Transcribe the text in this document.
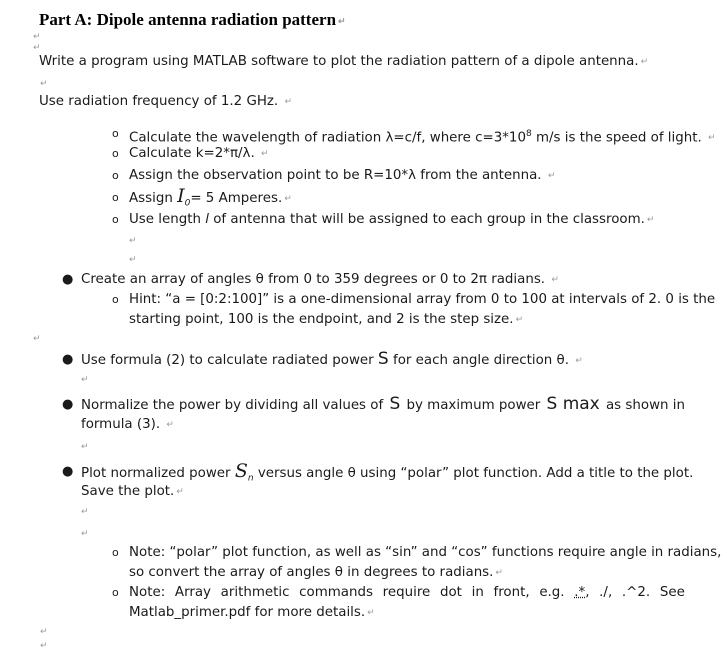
Part A: Dipole antenna radiation pattern ↵
↵
↵
Write a program using MATLAB software to plot the radiation pattern of a dipole antenna. ↵
↵
Use radiation frequency of 1.2 GHz. ↵
o Calculate the wavelength of radiation λ=c/f, where $c=3*10^8$ m/s is the speed of light. ↵
o Calculate k=2*π/λ. ↵
o Assign the observation point to be R=10*λ from the antenna. ↵
o Assign $I_0= 5$ Amperes. ↵
o Use length l of antenna that will be assigned to each group in the classroom. ↵
↵
↵
● Create an array of angles θ from 0 to 359 degrees or 0 to 2π radians. ↵
o Hint: “a = [0:2:100]” is a one-dimensional array from 0 to 100 at intervals of 2. 0 is the
starting point, 100 is the endpoint, and 2 is the step size. ↵
↵
● Use formula (2) to calculate radiated power S for each angle direction θ. ↵
↵
● Normalize the power by dividing all values of S by maximum power S max as shown in
formula (3). ↵
↵
● Plot normalized power $S_n$ versus angle θ using “polar” plot function. Add a title to the plot.
Save the plot. ↵
↵
↵
o Note: “polar” plot function, as well as “sin” and “cos” functions require angle in radians,
so convert the array of angles θ in degrees to radians. ↵
o Note: Array arithmetic commands require dot in front, e.g. .*, ./, .^2. See
Matlab_primer.pdf for more details. ↵
↵
↵
